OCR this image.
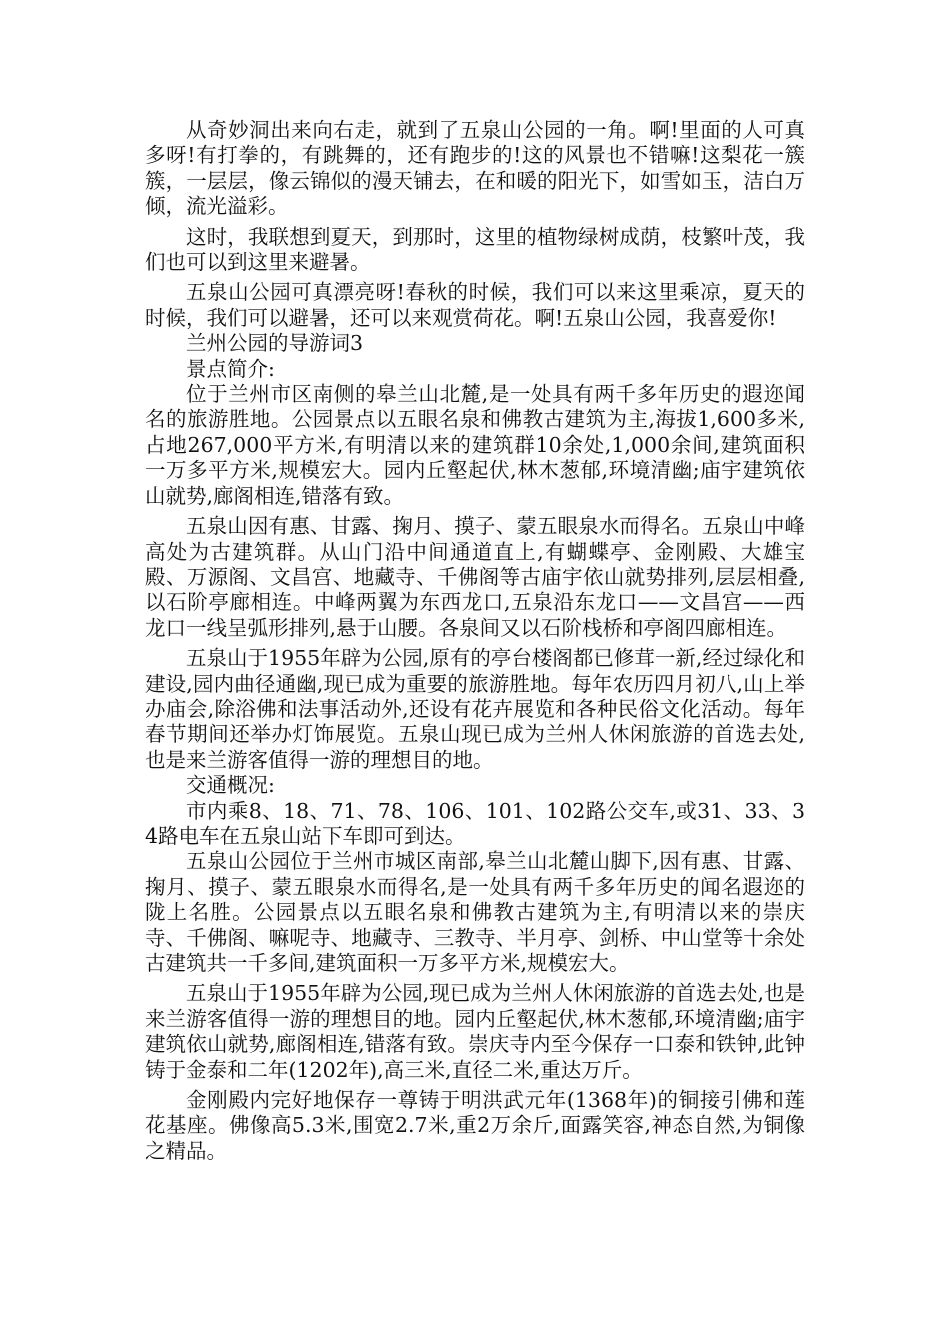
从奇妙洞出来向右走，就到了五泉山公园的一角。啊!里面的人可真多呀!有打拳的，有跳舞的，还有跑步的!这的风景也不错嘛!这梨花一簇簇，一层层，像云锦似的漫天铺去，在和暖的阳光下，如雪如玉，洁白万倾，流光溢彩。

这时，我联想到夏天，到那时，这里的植物绿树成荫，枝繁叶茂，我们也可以到这里来避暑。

五泉山公园可真漂亮呀!春秋的时候，我们可以来这里乘凉，夏天的时候，我们可以避暑，还可以来观赏荷花。啊!五泉山公园，我喜爱你!

兰州公园的导游词3

景点简介:

位于兰州市区南侧的皋兰山北麓,是一处具有两千多年历史的遐迩闻名的旅游胜地。公园景点以五眼名泉和佛教古建筑为主,海拔1,600多米,占地267,000平方米,有明清以来的建筑群10余处,1,000余间,建筑面积一万多平方米,规模宏大。园内丘壑起伏,林木葱郁,环境清幽;庙宇建筑依山就势,廊阁相连,错落有致。

五泉山因有惠、甘露、掬月、摸子、蒙五眼泉水而得名。五泉山中峰高处为古建筑群。从山门沿中间通道直上,有蝴蝶亭、金刚殿、大雄宝殿、万源阁、文昌宫、地藏寺、千佛阁等古庙宇依山就势排列,层层相叠,以石阶亭廊相连。中峰两翼为东西龙口,五泉沿东龙口——文昌宫——西龙口一线呈弧形排列,悬于山腰。各泉间又以石阶栈桥和亭阁四廊相连。

五泉山于1955年辟为公园,原有的亭台楼阁都已修茸一新,经过绿化和建设,园内曲径通幽,现已成为重要的旅游胜地。每年农历四月初八,山上举办庙会,除浴佛和法事活动外,还设有花卉展览和各种民俗文化活动。每年春节期间还举办灯饰展览。五泉山现已成为兰州人休闲旅游的首选去处,也是来兰游客值得一游的理想目的地。

交通概况:

市内乘8、18、71、78、106、101、102路公交车,或31、33、34路电车在五泉山站下车即可到达。

五泉山公园位于兰州市城区南部,皋兰山北麓山脚下,因有惠、甘露、掬月、摸子、蒙五眼泉水而得名,是一处具有两千多年历史的闻名遐迩的陇上名胜。公园景点以五眼名泉和佛教古建筑为主,有明清以来的崇庆寺、千佛阁、嘛呢寺、地藏寺、三教寺、半月亭、剑桥、中山堂等十余处古建筑共一千多间,建筑面积一万多平方米,规模宏大。

五泉山于1955年辟为公园,现已成为兰州人休闲旅游的首选去处,也是来兰游客值得一游的理想目的地。园内丘壑起伏,林木葱郁,环境清幽;庙宇建筑依山就势,廊阁相连,错落有致。崇庆寺内至今保存一口泰和铁钟,此钟铸于金泰和二年(1202年),高三米,直径二米,重达万斤。

金刚殿内完好地保存一尊铸于明洪武元年(1368年)的铜接引佛和莲花基座。佛像高5.3米,围宽2.7米,重2万余斤,面露笑容,神态自然,为铜像之精品。
